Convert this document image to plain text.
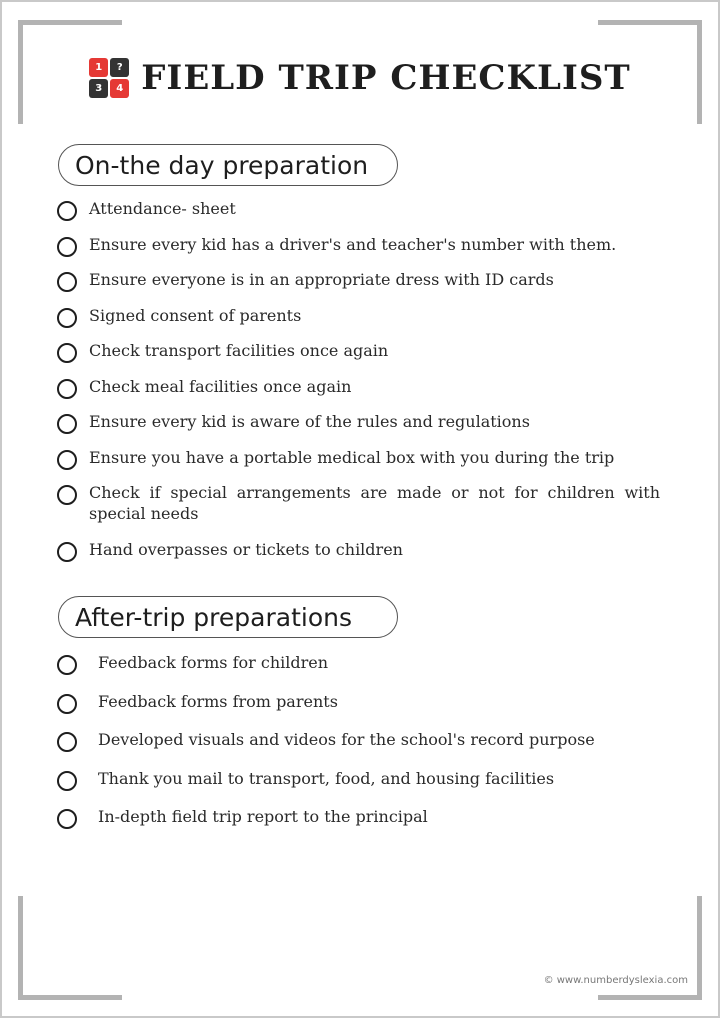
1	?
3	4 FIELD TRIP CHECKLIST
On-the day preparation
Attendance- sheet
Ensure every kid has a driver's and teacher's number with them.
Ensure everyone is in an appropriate dress with ID cards
Signed consent of parents
Check transport facilities once again
Check meal facilities once again
Ensure every kid is aware of the rules and regulations
Ensure you have a portable medical box with you during the trip
Check if special arrangements are made or not for children with special needs
Hand overpasses or tickets to children
After-trip preparations
Feedback forms for children
Feedback forms from parents
Developed visuals and videos for the school's record purpose
Thank you mail to transport, food, and housing facilities
In-depth field trip report to the principal
© www.numberdyslexia.com
